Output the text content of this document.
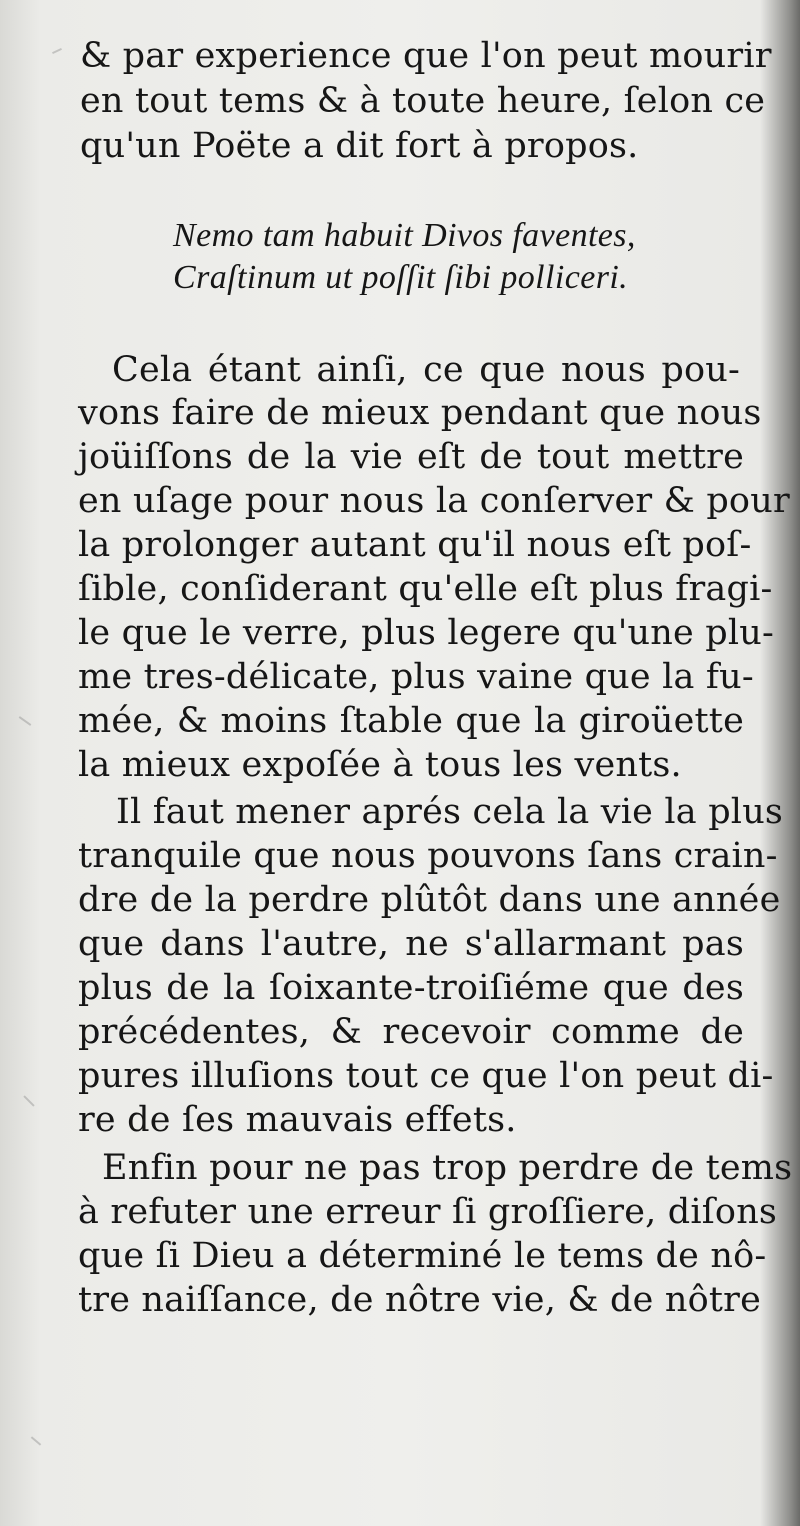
& par experience que l'on peut mourir
en tout tems & à toute heure, ſelon ce
qu'un Poëte a dit fort à propos.
Nemo tam habuit Divos faventes,
Craſtinum ut poſſit ſibi polliceri.
Cela étant ainſi, ce que nous pou-
vons faire de mieux pendant que nous
joüiſſons de la vie eſt de tout mettre
en uſage pour nous la conſerver & pour
la prolonger autant qu'il nous eſt poſ-
ſible, conſiderant qu'elle eſt plus fragi-
le que le verre, plus legere qu'une plu-
me tres-délicate, plus vaine que la fu-
mée, & moins ſtable que la giroüette
la mieux expoſée à tous les vents.
Il faut mener aprés cela la vie la plus
tranquile que nous pouvons ſans crain-
dre de la perdre plûtôt dans une année
que dans l'autre, ne s'allarmant pas
plus de la ſoixante-troiſiéme que des
précédentes, & recevoir comme de
pures illuſions tout ce que l'on peut di-
re de ſes mauvais effets.
Enfin pour ne pas trop perdre de tems
à refuter une erreur ſi groſſiere, diſons
que ſi Dieu a déterminé le tems de nô-
tre naiſſance, de nôtre vie, & de nôtre
